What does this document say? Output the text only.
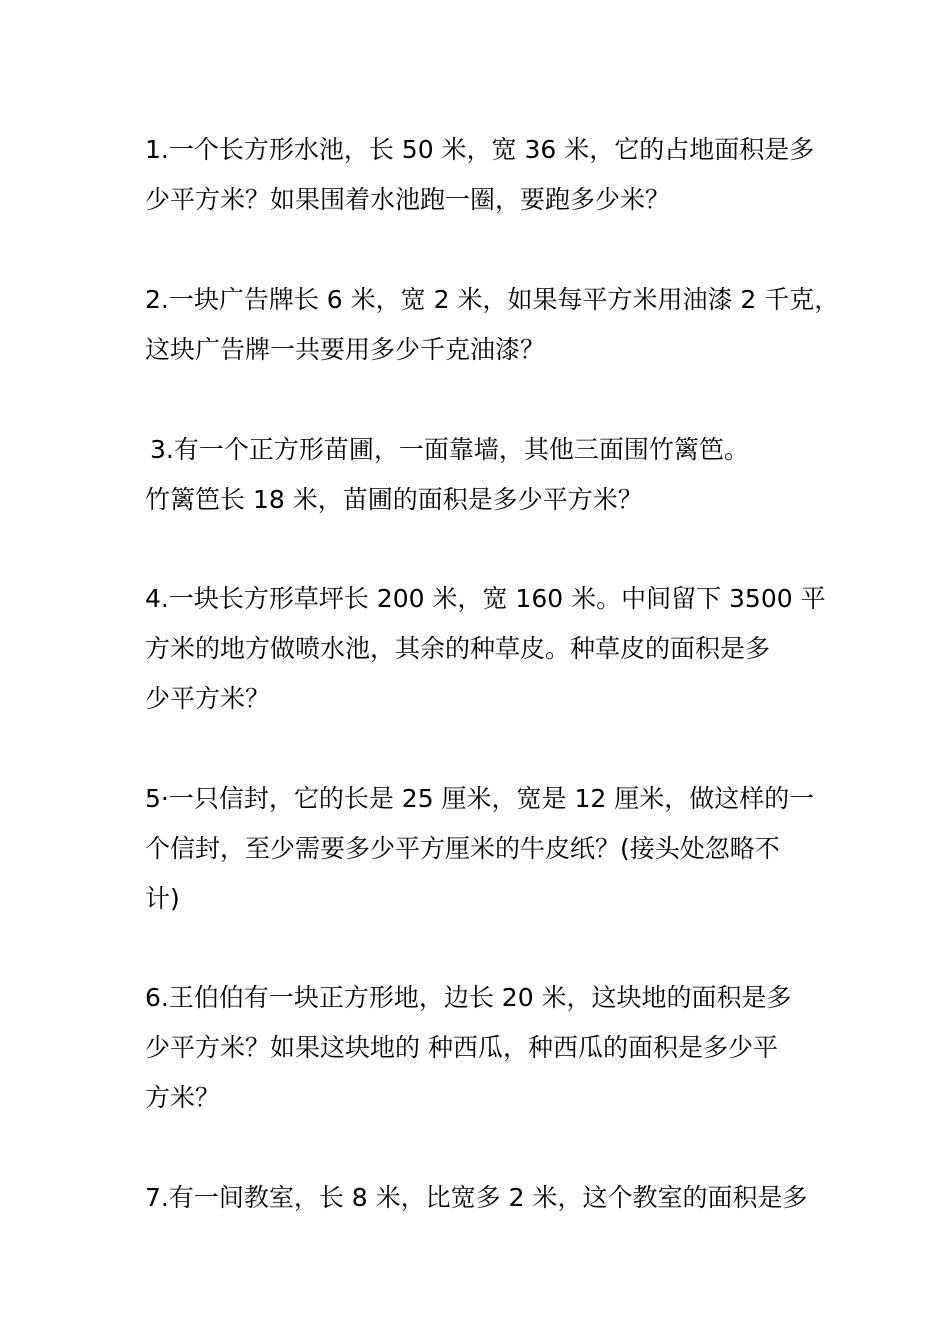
1.一个长方形水池，长 50 米，宽 36 米，它的占地面积是多
少平方米？如果围着水池跑一圈，要跑多少米？
2.一块广告牌长 6 米，宽 2 米，如果每平方米用油漆 2 千克，
这块广告牌一共要用多少千克油漆？
3.有一个正方形苗圃，一面靠墙，其他三面围竹篱笆。
竹篱笆长 18 米，苗圃的面积是多少平方米？
4.一块长方形草坪长 200 米，宽 160 米。中间留下 3500 平
方米的地方做喷水池，其余的种草皮。种草皮的面积是多
少平方米？
5·一只信封，它的长是 25 厘米，宽是 12 厘米，做这样的一
个信封，至少需要多少平方厘米的牛皮纸？(接头处忽略不
计)
6.王伯伯有一块正方形地，边长 20 米，这块地的面积是多
少平方米？如果这块地的 种西瓜，种西瓜的面积是多少平
方米？
7.有一间教室，长 8 米，比宽多 2 米，这个教室的面积是多
